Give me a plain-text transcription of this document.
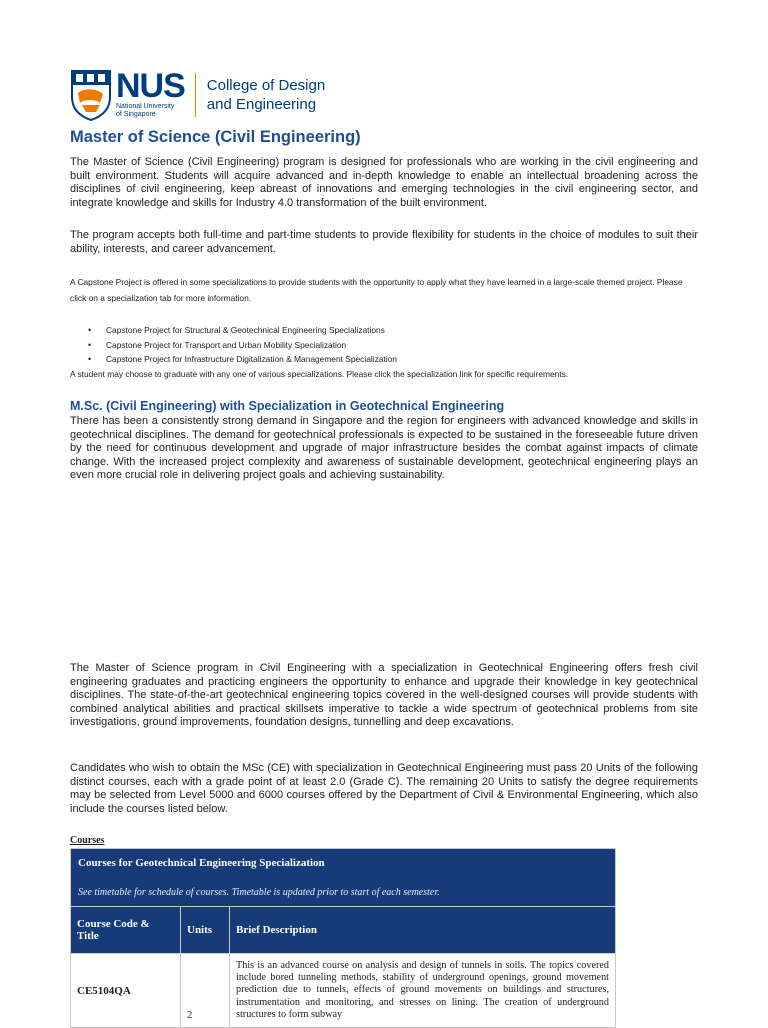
NUS
National University
of Singapore
College of Design
and Engineering
Master of Science (Civil Engineering)

The Master of Science (Civil Engineering) program is designed for professionals who are working in the civil engineering and built environment. Students will acquire advanced and in-depth knowledge to enable an intellectual broadening across the disciplines of civil engineering, keep abreast of innovations and emerging technologies in the civil engineering sector, and integrate knowledge and skills for Industry 4.0 transformation of the built environment.

The program accepts both full-time and part-time students to provide flexibility for students in the choice of modules to suit their ability, interests, and career advancement.

A Capstone Project is offered in some specializations to provide students with the opportunity to apply what they have learned in a large-scale themed project. Please click on a specialization tab for more information.

• Capstone Project for Structural & Geotechnical Engineering Specializations
• Capstone Project for Transport and Urban Mobility Specialization
• Capstone Project for Infrastructure Digitalization & Management Specialization

A student may choose to graduate with any one of various specializations. Please click the specialization link for specific requirements.

M.Sc. (Civil Engineering) with Specialization in Geotechnical Engineering

There has been a consistently strong demand in Singapore and the region for engineers with advanced knowledge and skills in geotechnical disciplines. The demand for geotechnical professionals is expected to be sustained in the foreseeable future driven by the need for continuous development and upgrade of major infrastructure besides the combat against impacts of climate change. With the increased project complexity and awareness of sustainable development, geotechnical engineering plays an even more crucial role in delivering project goals and achieving sustainability.

The Master of Science program in Civil Engineering with a specialization in Geotechnical Engineering offers fresh civil engineering graduates and practicing engineers the opportunity to enhance and upgrade their knowledge in key geotechnical disciplines. The state-of-the-art geotechnical engineering topics covered in the well-designed courses will provide students with combined analytical abilities and practical skillsets imperative to tackle a wide spectrum of geotechnical problems from site investigations, ground improvements, foundation designs, tunnelling and deep excavations.

Candidates who wish to obtain the MSc (CE) with specialization in Geotechnical Engineering must pass 20 Units of the following distinct courses, each with a grade point of at least 2.0 (Grade C). The remaining 20 Units to satisfy the degree requirements may be selected from Level 5000 and 6000 courses offered by the Department of Civil & Environmental Engineering, which also include the courses listed below.

Courses
Courses for Geotechnical Engineering Specialization
See timetable for schedule of courses. Timetable is updated prior to start of each semester.		

Course Code & Title	Units	Brief Description
CE5104QA	2	This is an advanced course on analysis and design of tunnels in soils. The topics covered include bored tunneling methods, stability of underground openings, ground movement prediction due to tunnels, effects of ground movements on buildings and structures, instrumentation and monitoring, and stresses on lining. The creation of underground structures to form subway
